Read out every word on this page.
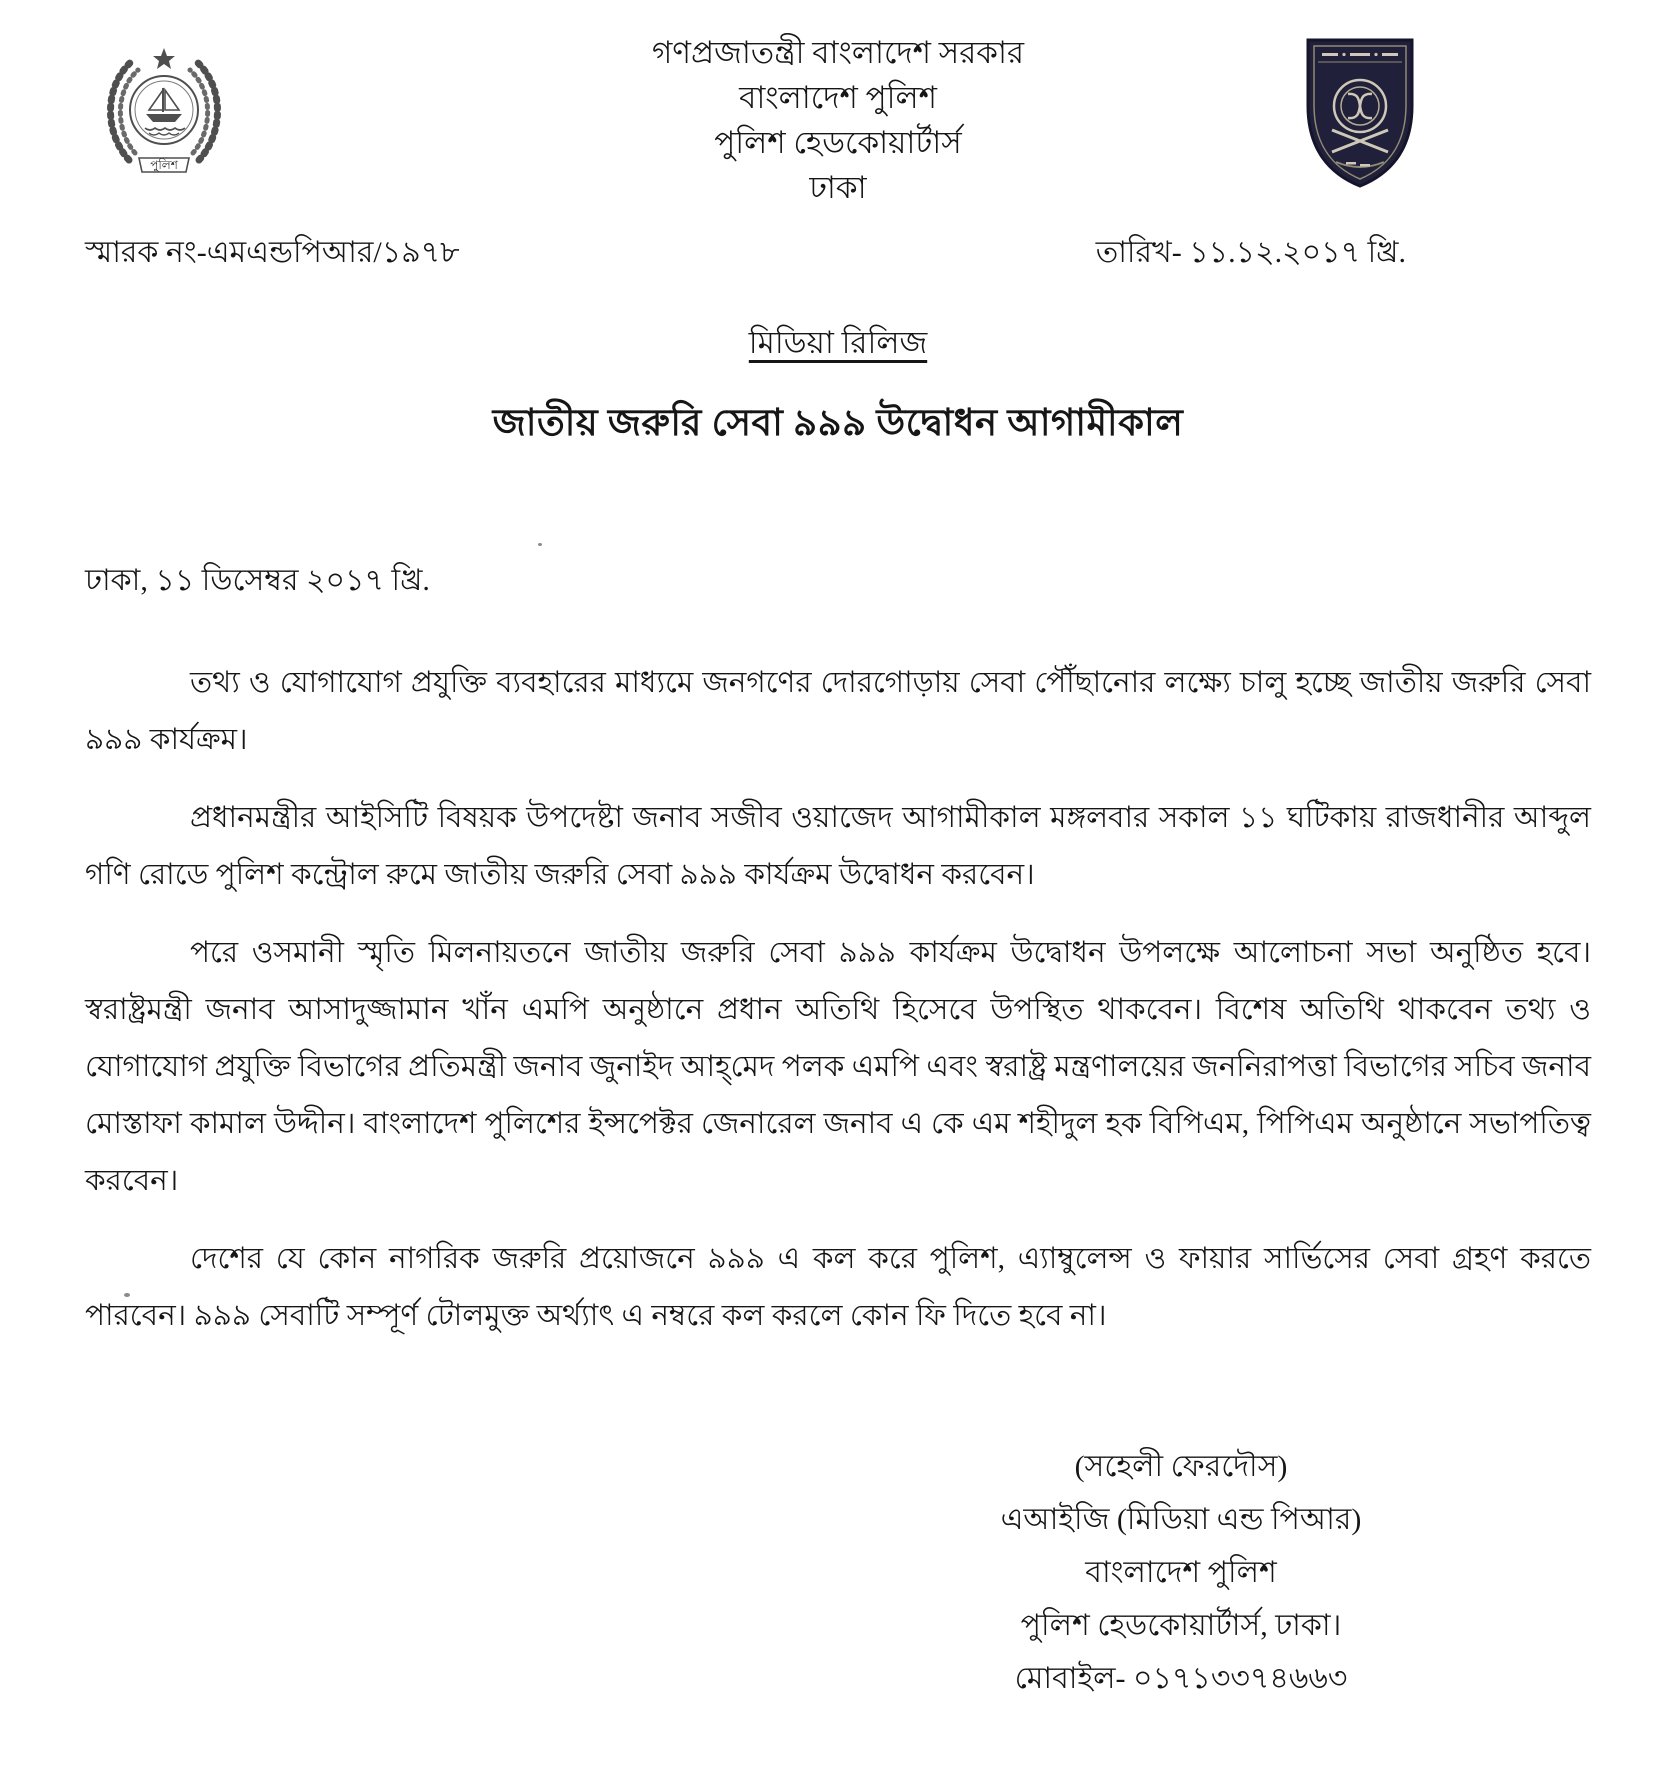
পুলিশ
গণপ্রজাতন্ত্রী বাংলাদেশ সরকার
বাংলাদেশ পুলিশ
পুলিশ হেডকোয়ার্টার্স
ঢাকা
স্মারক নং-এমএন্ডপিআর/১৯৭৮	তারিখ- ১১.১২.২০১৭ খ্রি.
মিডিয়া রিলিজ
জাতীয় জরুরি সেবা ৯৯৯ উদ্বোধন আগামীকাল
ঢাকা, ১১ ডিসেম্বর ২০১৭ খ্রি.

তথ্য ও যোগাযোগ প্রযুক্তি ব্যবহারের মাধ্যমে জনগণের দোরগোড়ায় সেবা পৌঁছানোর লক্ষ্যে চালু হচ্ছে জাতীয় জরুরি সেবা ৯৯৯ কার্যক্রম।

প্রধানমন্ত্রীর আইসিটি বিষয়ক উপদেষ্টা জনাব সজীব ওয়াজেদ আগামীকাল মঙ্গলবার সকাল ১১ ঘটিকায় রাজধানীর আব্দুল গণি রোডে পুলিশ কন্ট্রোল রুমে জাতীয় জরুরি সেবা ৯৯৯ কার্যক্রম উদ্বোধন করবেন।

পরে ওসমানী স্মৃতি মিলনায়তনে জাতীয় জরুরি সেবা ৯৯৯ কার্যক্রম উদ্বোধন উপলক্ষে আলোচনা সভা অনুষ্ঠিত হবে। স্বরাষ্ট্রমন্ত্রী জনাব আসাদুজ্জামান খাঁন এমপি অনুষ্ঠানে প্রধান অতিথি হিসেবে উপস্থিত থাকবেন। বিশেষ অতিথি থাকবেন তথ্য ও যোগাযোগ প্রযুক্তি বিভাগের প্রতিমন্ত্রী জনাব জুনাইদ আহ্‌মেদ পলক এমপি এবং স্বরাষ্ট্র মন্ত্রণালয়ের জননিরাপত্তা বিভাগের সচিব জনাব মোস্তাফা কামাল উদ্দীন। বাংলাদেশ পুলিশের ইন্সপেক্টর জেনারেল জনাব এ কে এম শহীদুল হক বিপিএম, পিপিএম অনুষ্ঠানে সভাপতিত্ব করবেন।

দেশের যে কোন নাগরিক জরুরি প্রয়োজনে ৯৯৯ এ কল করে পুলিশ, এ্যাম্বুলেন্স ও ফায়ার সার্ভিসের সেবা গ্রহণ করতে পারবেন। ৯৯৯ সেবাটি সম্পূর্ণ টোলমুক্ত অর্থ্যাৎ এ নম্বরে কল করলে কোন ফি দিতে হবে না।

(সহেলী ফেরদৌস)
এআইজি (মিডিয়া এন্ড পিআর)
বাংলাদেশ পুলিশ
পুলিশ হেডকোয়ার্টার্স, ঢাকা।
মোবাইল- ০১৭১৩৩৭৪৬৬৩
